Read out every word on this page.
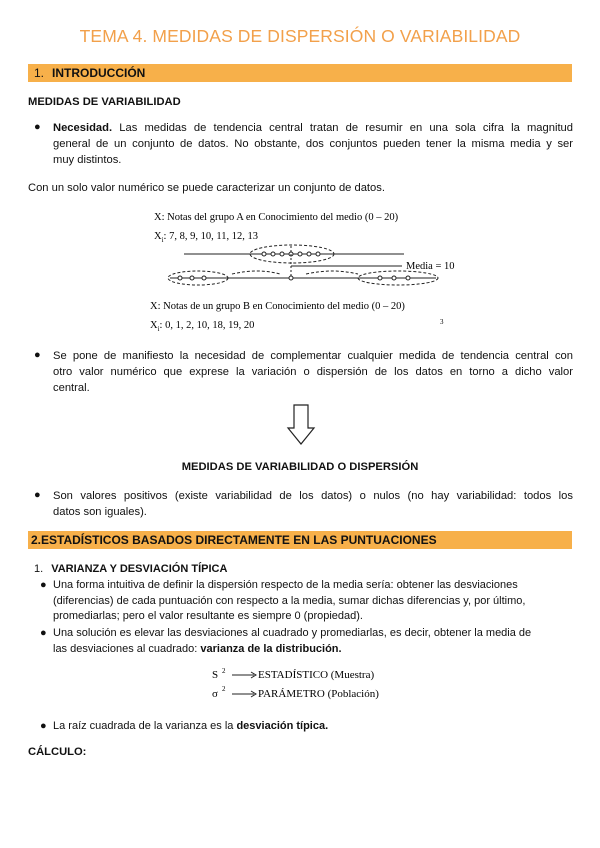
TEMA 4. MEDIDAS DE DISPERSIÓN O VARIABILIDAD
1. INTRODUCCIÓN
MEDIDAS DE VARIABILIDAD
● Necesidad. Las medidas de tendencia central tratan de resumir en una sola cifra la magnitud
general de un conjunto de datos. No obstante, dos conjuntos pueden tener la misma media y ser
muy distintos.
Con un solo valor numérico se puede caracterizar un conjunto de datos.
X: Notas del grupo A en Conocimiento del medio (0 – 20)
$X_i$: 7, 8, 9, 10, 11, 12, 13
Media = 10
X: Notas de un grupo B en Conocimiento del medio (0 – 20)
$X_i$: 0, 1, 2, 10, 18, 19, 20	3
● Se pone de manifiesto la necesidad de complementar cualquier medida de tendencia central con
otro valor numérico que exprese la variación o dispersión de los datos en torno a dicho valor
central.
MEDIDAS DE VARIABILIDAD O DISPERSIÓN
● Son valores positivos (existe variabilidad de los datos) o nulos (no hay variabilidad: todos los
datos son iguales).
2.ESTADÍSTICOS BASADOS DIRECTAMENTE EN LAS PUNTUACIONES
1. VARIANZA Y DESVIACIÓN TÍPICA
● Una forma intuitiva de definir la dispersión respecto de la media sería: obtener las desviaciones
(diferencias) de cada puntuación con respecto a la media, sumar dichas diferencias y, por último,
promediarlas; pero el valor resultante es siempre 0 (propiedad).
● Una solución es elevar las desviaciones al cuadrado y promediarlas, es decir, obtener la media de
las desviaciones al cuadrado: varianza de la distribución.
S 2	ESTADÍSTICO (Muestra)
σ 2	PARÁMETRO (Población)
● La raíz cuadrada de la varianza es la desviación típica.
CÁLCULO:
